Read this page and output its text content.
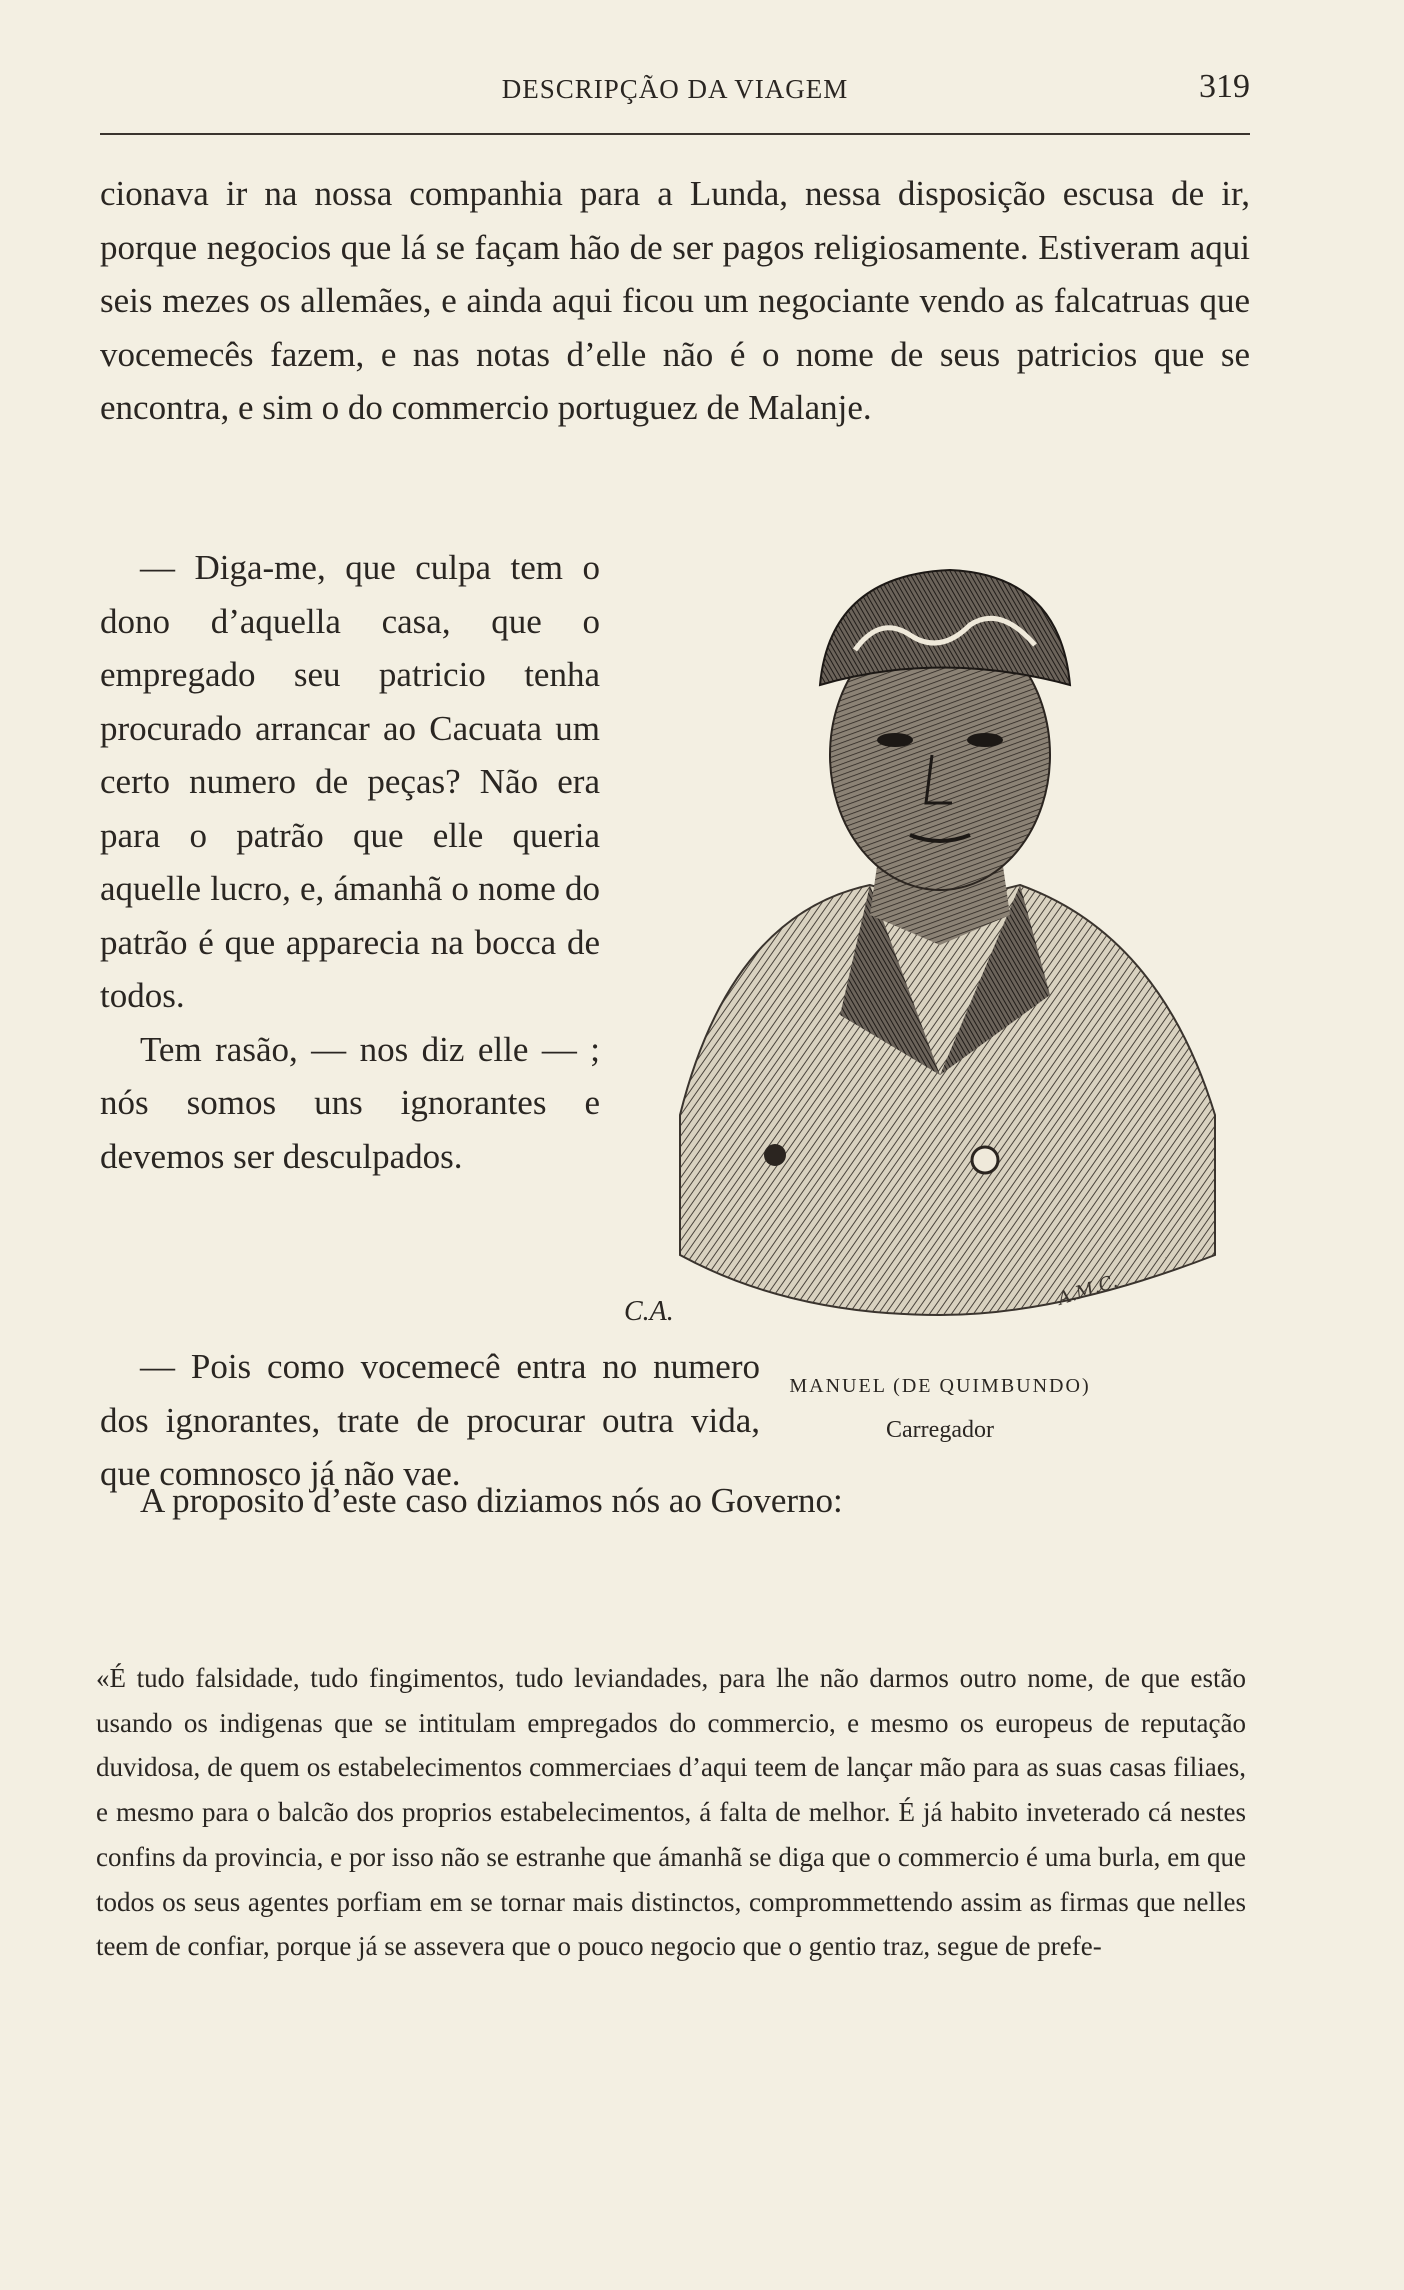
DESCRIPÇÃO DA VIAGEM	319

cionava ir na nossa companhia para a Lunda, nessa disposição escusa de ir, porque negocios que lá se façam hão de ser pagos religiosamente. Estiveram aqui seis mezes os allemães, e ainda aqui ficou um negociante vendo as falcatruas que vocemecês fazem, e nas notas d’elle não é o nome de seus patricios que se encontra, e sim o do commercio portuguez de Malanje.

— Diga-me, que culpa tem o dono d’aquella casa, que o empregado seu patricio tenha procurado arrancar ao Cacuata um certo numero de peças? Não era para o patrão que elle queria aquelle lucro, e, ámanhã o nome do patrão é que apparecia na bocca de todos.
Tem rasão, — nos diz elle — ; nós somos uns ignorantes e devemos ser desculpados.

— Pois como vocemecê entra no numero dos ignorantes, trate de procurar outra vida, que comnosco já não vae.

A proposito d’este caso diziamos nós ao Governo:

«É tudo falsidade, tudo fingimentos, tudo leviandades, para lhe não darmos outro nome, de que estão usando os indigenas que se intitulam empregados do commercio, e mesmo os europeus de reputação duvidosa, de quem os estabelecimentos commerciaes d’aqui teem de lançar mão para as suas casas filiaes, e mesmo para o balcão dos proprios estabelecimentos, á falta de melhor. É já habito inveterado cá nestes confins da provincia, e por isso não se estranhe que ámanhã se diga que o commercio é uma burla, em que todos os seus agentes porfiam em se tornar mais distinctos, comprommettendo assim as firmas que nelles teem de confiar, porque já se assevera que o pouco negocio que o gentio traz, segue de prefe-

A.M.C.
C.A.
MANUEL (DE QUIMBUNDO)
Carregador
